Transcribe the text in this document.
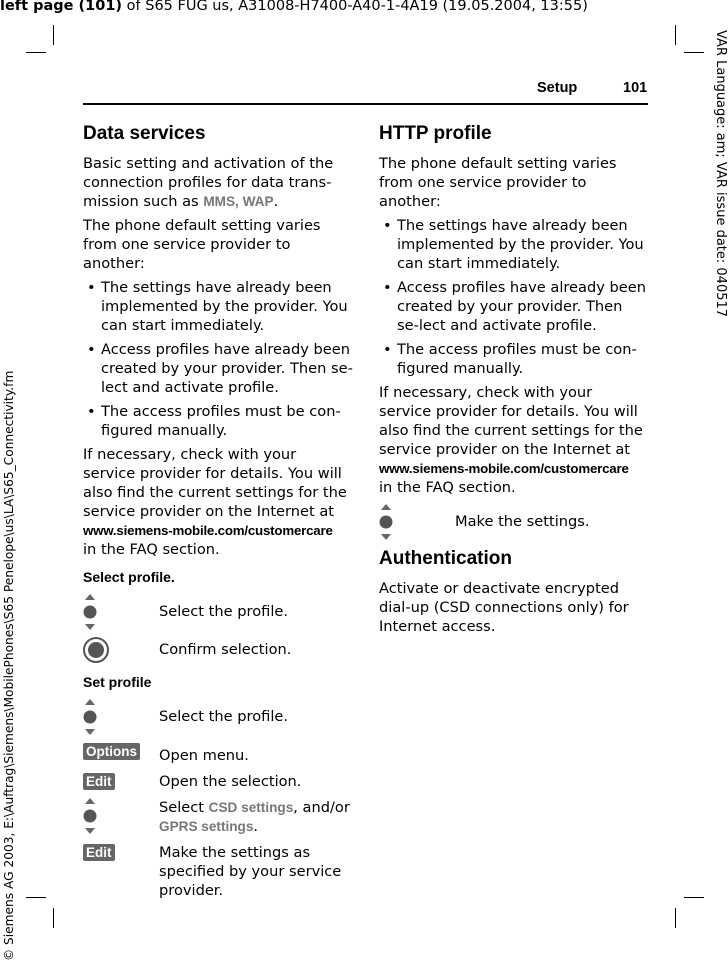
left page (101) of S65 FUG us, A31008-H7400-A40-1-4A19 (19.05.2004, 13:55)
VAR Language: am; VAR issue date: 040517
© Siemens AG 2003, E:\Auftrag\Siemens\MobilePhones\S65 Penelope\us\LA\S65_Connectivity.fm
Setup	101
Data services

Basic setting and activation of the connection profiles for data trans-mission such as MMS, WAP.

The phone default setting varies from one service provider to another:

• The settings have already been implemented by the provider. You can start immediately.
• Access profiles have already been created by your provider. Then se-lect and activate profile.
• The access profiles must be con-figured manually.

If necessary, check with your service provider for details. You will also find the current settings for the service provider on the Internet at
www.siemens-mobile.com/customercare
in the FAQ section.

Select profile.
Select the profile.
Confirm selection.
Set profile
Select the profile.
Options	Open menu.
Edit	Open the selection.
Select CSD settings, and/or
GPRS settings.
Edit	Make the settings as specified by your service provider.
HTTP profile

The phone default setting varies from one service provider to another:

• The settings have already been implemented by the provider. You can start immediately.
• Access profiles have already been created by your provider. Then se-lect and activate profile.
• The access profiles must be con-figured manually.

If necessary, check with your service provider for details. You will also find the current settings for the service provider on the Internet at
www.siemens-mobile.com/customercare
in the FAQ section.

Make the settings.
Authentication

Activate or deactivate encrypted dial-up (CSD connections only) for Internet access.
